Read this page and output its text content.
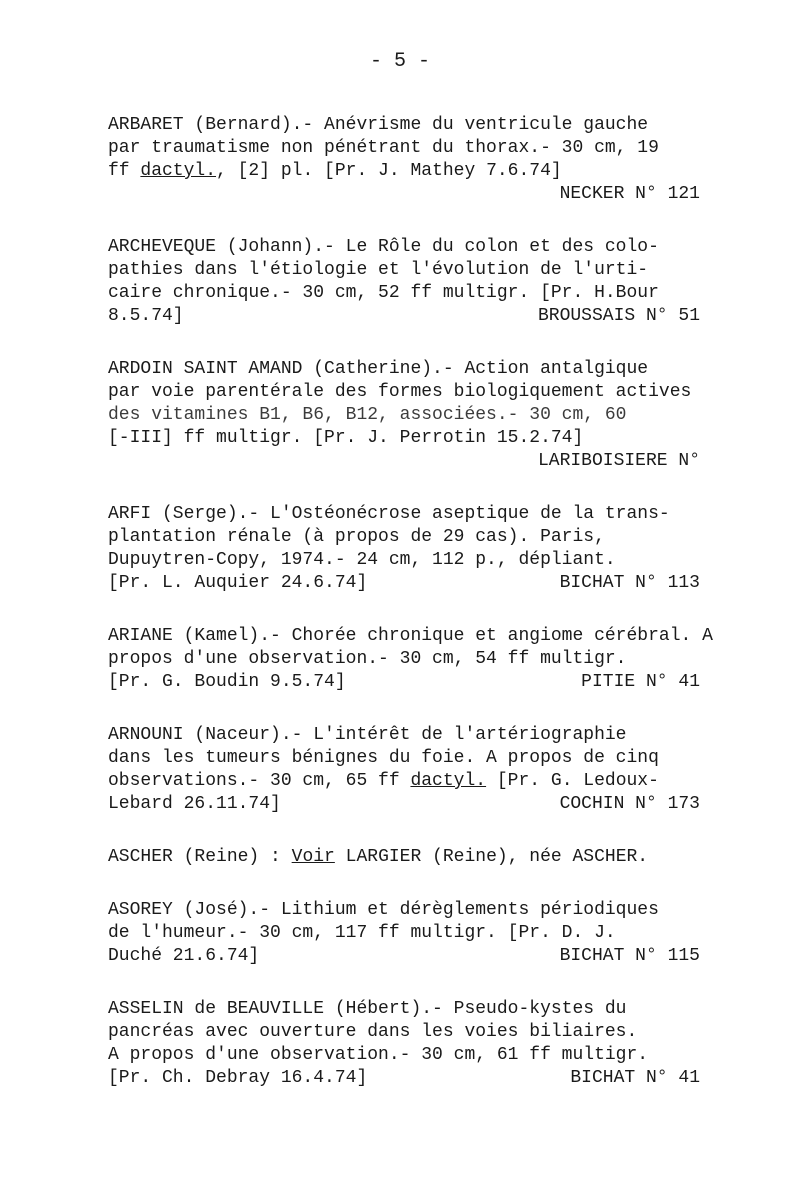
- 5 -
ARBARET (Bernard).- Anévrisme du ventricule gauche
par traumatisme non pénétrant du thorax.- 30 cm, 19
ff dactyl., [2] pl. [Pr. J. Mathey 7.6.74]
NECKER N° 121
ARCHEVEQUE (Johann).- Le Rôle du colon et des colo-
pathies dans l'étiologie et l'évolution de l'urti-
caire chronique.- 30 cm, 52 ff multigr. [Pr. H.Bour
8.5.74]	BROUSSAIS N° 51
ARDOIN SAINT AMAND (Catherine).- Action antalgique
par voie parentérale des formes biologiquement actives
des vitamines B1, B6, B12, associées.- 30 cm, 60
[-III] ff multigr. [Pr. J. Perrotin 15.2.74]
LARIBOISIERE N°
ARFI (Serge).- L'Ostéonécrose aseptique de la trans-
plantation rénale (à propos de 29 cas). Paris,
Dupuytren-Copy, 1974.- 24 cm, 112 p., dépliant.
[Pr. L. Auquier 24.6.74]	BICHAT N° 113
ARIANE (Kamel).- Chorée chronique et angiome cérébral. A
propos d'une observation.- 30 cm, 54 ff multigr.
[Pr. G. Boudin 9.5.74]	PITIE N° 41
ARNOUNI (Naceur).- L'intérêt de l'artériographie
dans les tumeurs bénignes du foie. A propos de cinq
observations.- 30 cm, 65 ff dactyl. [Pr. G. Ledoux-
Lebard 26.11.74]	COCHIN N° 173
ASCHER (Reine) : Voir LARGIER (Reine), née ASCHER.
ASOREY (José).- Lithium et dérèglements périodiques
de l'humeur.- 30 cm, 117 ff multigr. [Pr. D. J.
Duché 21.6.74]	BICHAT N° 115
ASSELIN de BEAUVILLE (Hébert).- Pseudo-kystes du
pancréas avec ouverture dans les voies biliaires.
A propos d'une observation.- 30 cm, 61 ff multigr.
[Pr. Ch. Debray 16.4.74]	BICHAT N° 41
